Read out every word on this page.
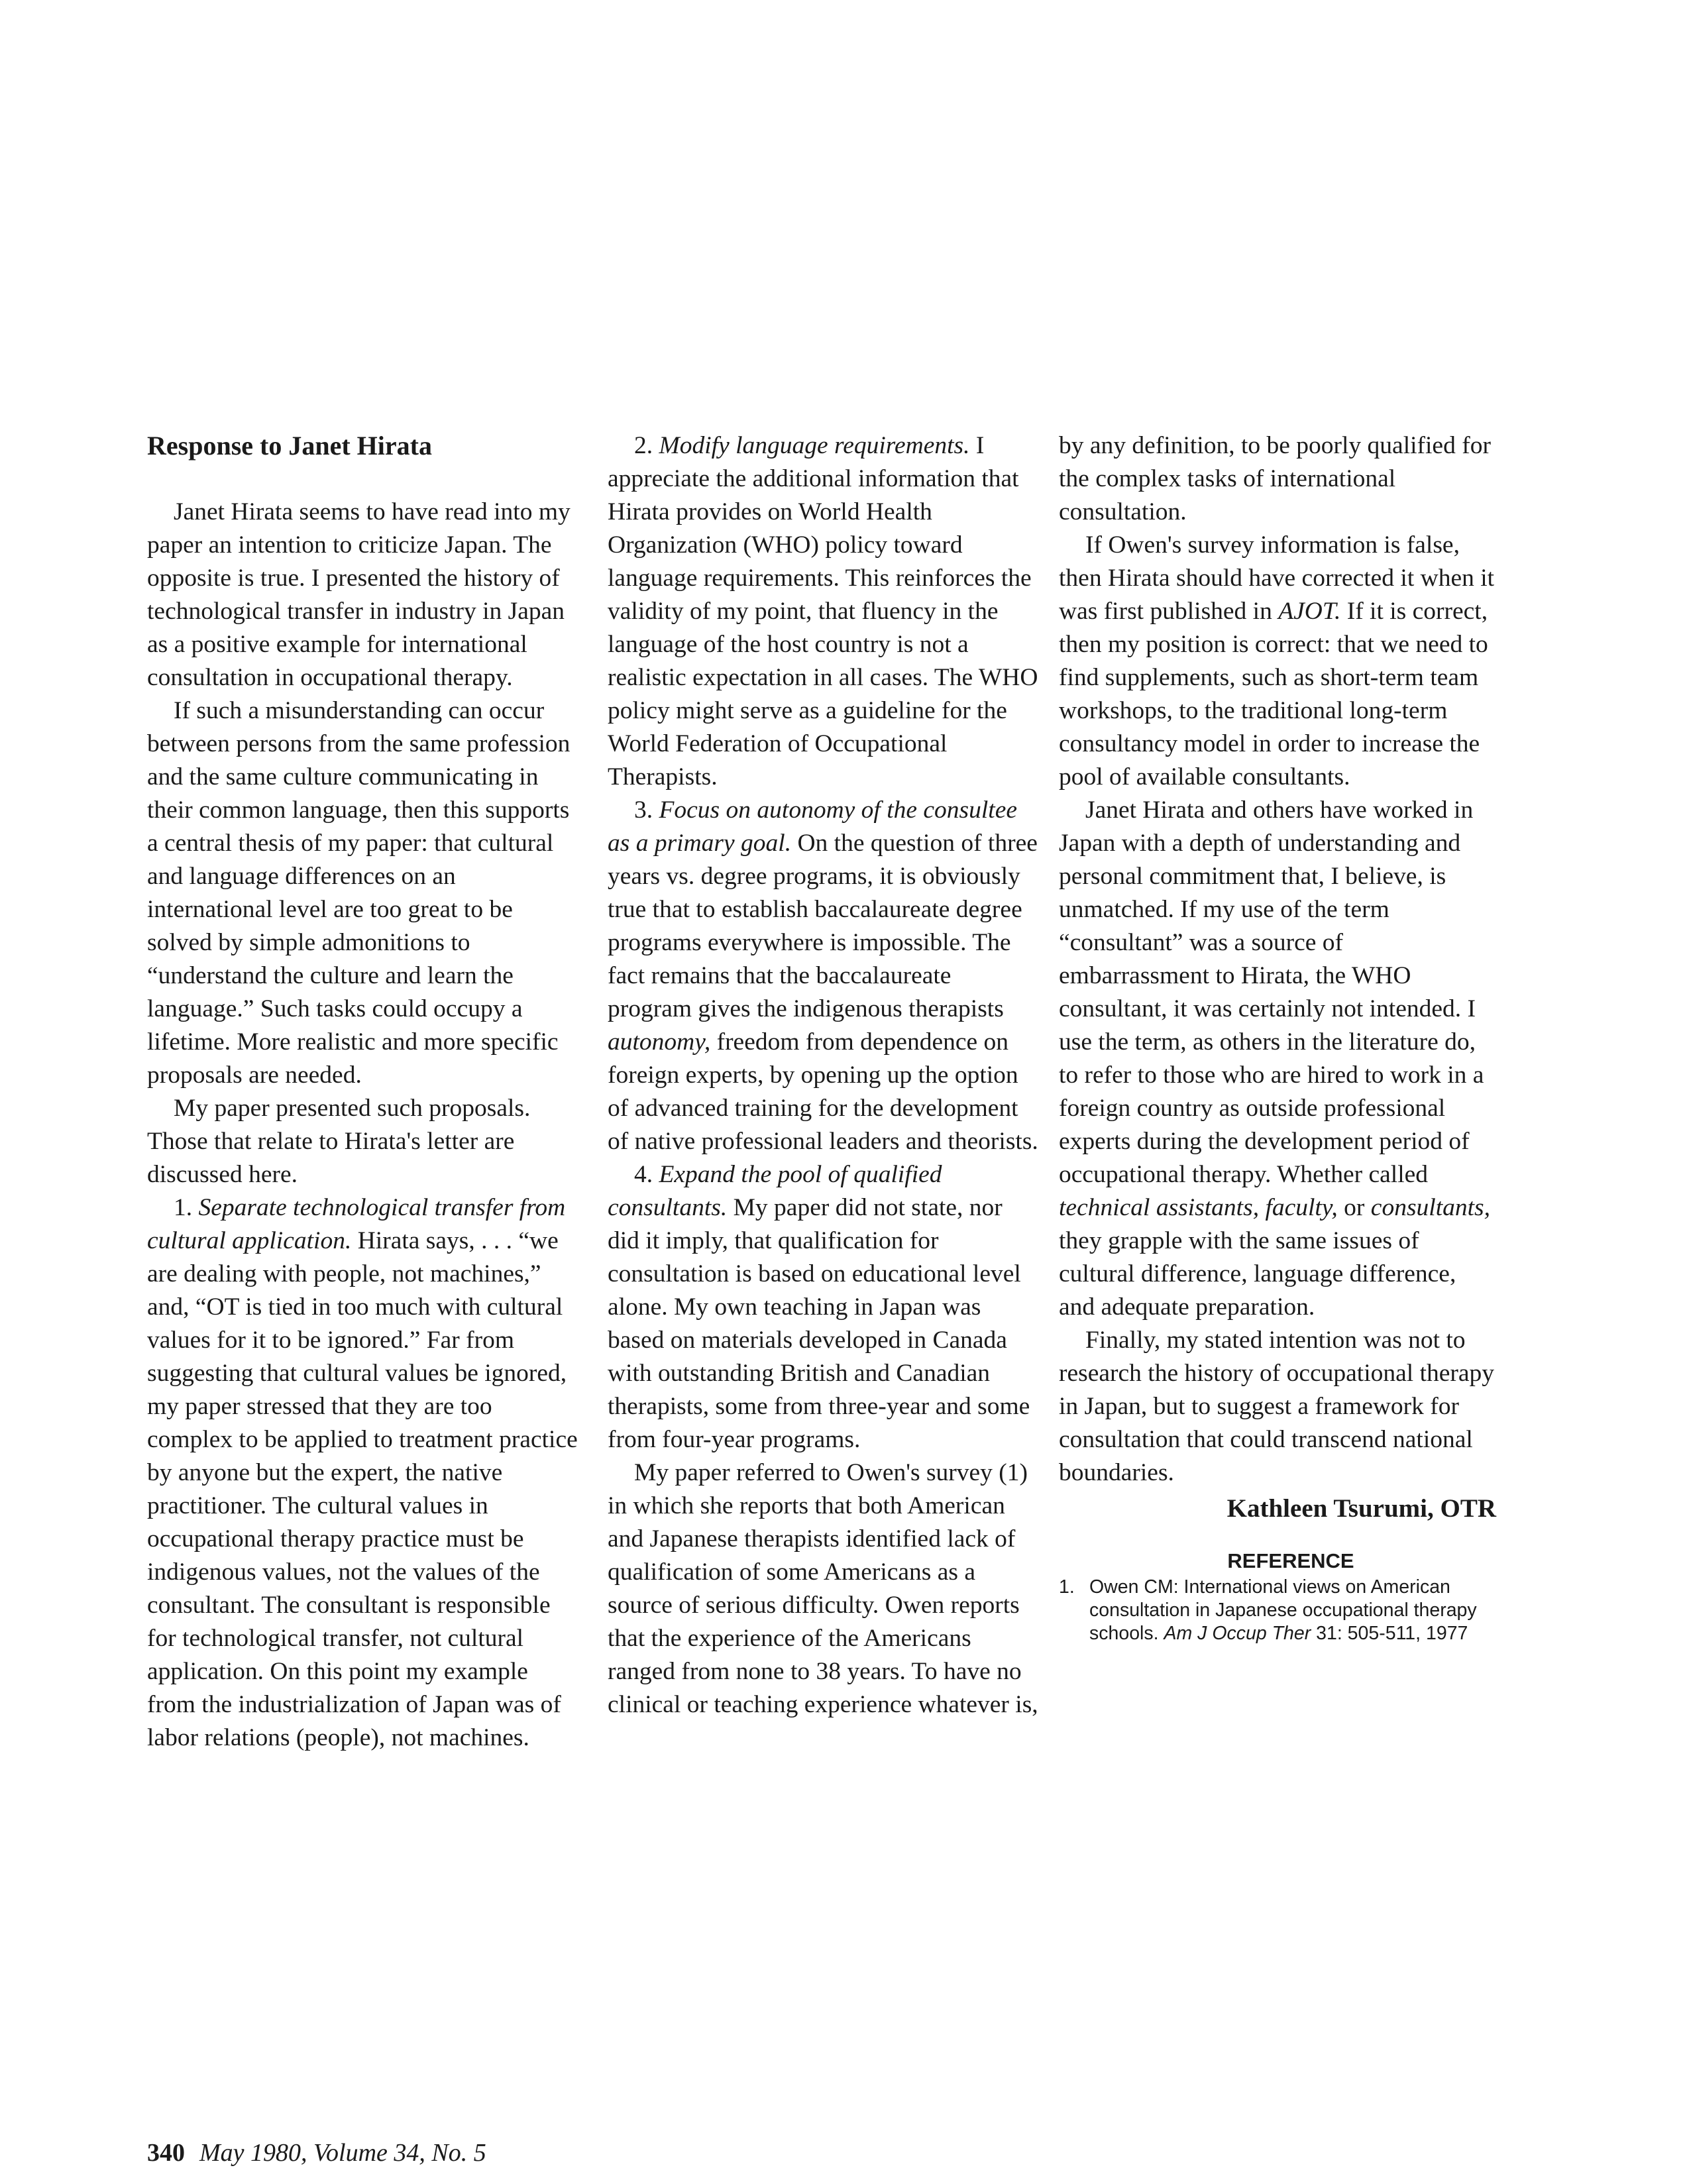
Response to Janet Hirata

Janet Hirata seems to have read into my paper an intention to criticize Japan. The opposite is true. I presented the history of technological transfer in industry in Japan as a positive example for international consultation in occupational therapy.

If such a misunderstanding can occur between persons from the same profession and the same culture communicating in their common language, then this supports a central thesis of my paper: that cultural and language differences on an international level are too great to be solved by simple admonitions to “understand the culture and learn the language.” Such tasks could occupy a lifetime. More realistic and more specific proposals are needed.

My paper presented such proposals. Those that relate to Hirata's letter are discussed here.

1. Separate technological transfer from cultural application. Hirata says, . . . “we are dealing with people, not machines,” and, “OT is tied in too much with cultural values for it to be ignored.” Far from suggesting that cultural values be ignored, my paper stressed that they are too complex to be applied to treatment practice by anyone but the expert, the native practitioner. The cultural values in occupational therapy practice must be indigenous values, not the values of the consultant. The consultant is responsible for technological transfer, not cultural application. On this point my example from the industrialization of Japan was of labor relations (people), not machines.

2. Modify language requirements. I appreciate the additional information that Hirata provides on World Health Organization (WHO) policy toward language requirements. This reinforces the validity of my point, that fluency in the language of the host country is not a realistic expectation in all cases. The WHO policy might serve as a guideline for the World Federation of Occupational Therapists.

3. Focus on autonomy of the consultee as a primary goal. On the question of three years vs. degree programs, it is obviously true that to establish baccalaureate degree programs everywhere is impossible. The fact remains that the baccalaureate program gives the indigenous therapists autonomy, freedom from dependence on foreign experts, by opening up the option of advanced training for the development of native professional leaders and theorists.

4. Expand the pool of qualified consultants. My paper did not state, nor did it imply, that qualification for consultation is based on educational level alone. My own teaching in Japan was based on materials developed in Canada with outstanding British and Canadian therapists, some from three-year and some from four-year programs.

My paper referred to Owen's survey (1) in which she reports that both American and Japanese therapists identified lack of qualification of some Americans as a source of serious difficulty. Owen reports that the experience of the Americans ranged from none to 38 years. To have no clinical or teaching experience whatever is,

by any definition, to be poorly qualified for the complex tasks of international consultation.

If Owen's survey information is false, then Hirata should have corrected it when it was first published in AJOT. If it is correct, then my position is correct: that we need to find supplements, such as short-term team workshops, to the traditional long-term consultancy model in order to increase the pool of available consultants.

Janet Hirata and others have worked in Japan with a depth of understanding and personal commitment that, I believe, is unmatched. If my use of the term “consultant” was a source of embarrassment to Hirata, the WHO consultant, it was certainly not intended. I use the term, as others in the literature do, to refer to those who are hired to work in a foreign country as outside professional experts during the development period of occupational therapy. Whether called technical assistants, faculty, or consultants, they grapple with the same issues of cultural difference, language difference, and adequate preparation.

Finally, my stated intention was not to research the history of occupational therapy in Japan, but to suggest a framework for consultation that could transcend national boundaries.

Kathleen Tsurumi, OTR
REFERENCE
1. Owen CM: International views on American consultation in Japanese occupational therapy schools. Am J Occup Ther 31: 505-511, 1977
340 May 1980, Volume 34, No. 5
